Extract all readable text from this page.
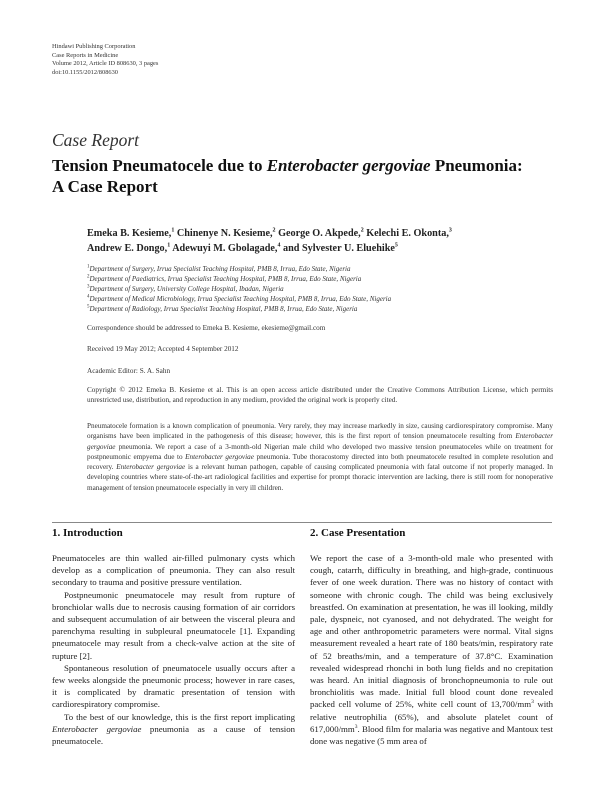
Hindawi Publishing Corporation
Case Reports in Medicine
Volume 2012, Article ID 808630, 3 pages
doi:10.1155/2012/808630
Case Report
Tension Pneumatocele due to Enterobacter gergoviae Pneumonia:
A Case Report
Emeka B. Kesieme,$^1$ Chinenye N. Kesieme,$^2$ George O. Akpede,$^2$ Kelechi E. Okonta,$^3$
Andrew E. Dongo,$^1$ Adewuyi M. Gbolagade,$^4$ and Sylvester U. Eluehike$^5$
$^1$Department of Surgery, Irrua Specialist Teaching Hospital, PMB 8, Irrua, Edo State, Nigeria
$^2$Department of Paediatrics, Irrua Specialist Teaching Hospital, PMB 8, Irrua, Edo State, Nigeria
$^3$Department of Surgery, University College Hospital, Ibadan, Nigeria
$^4$Department of Medical Microbiology, Irrua Specialist Teaching Hospital, PMB 8, Irrua, Edo State, Nigeria
$^5$Department of Radiology, Irrua Specialist Teaching Hospital, PMB 8, Irrua, Edo State, Nigeria
Correspondence should be addressed to Emeka B. Kesieme, ekesieme@gmail.com
Received 19 May 2012; Accepted 4 September 2012
Academic Editor: S. A. Sahn
Copyright © 2012 Emeka B. Kesieme et al. This is an open access article distributed under the Creative Commons Attribution License, which permits unrestricted use, distribution, and reproduction in any medium, provided the original work is properly cited.
Pneumatocele formation is a known complication of pneumonia. Very rarely, they may increase markedly in size, causing cardiorespiratory compromise. Many organisms have been implicated in the pathogenesis of this disease; however, this is the first report of tension pneumatocele resulting from Enterobacter gergoviae pneumonia. We report a case of a 3-month-old Nigerian male child who developed two massive tension pneumatoceles while on treatment for postpneumonic empyema due to Enterobacter gergoviae pneumonia. Tube thoracostomy directed into both pneumatocele resulted in complete resolution and recovery. Enterobacter gergoviae is a relevant human pathogen, capable of causing complicated pneumonia with fatal outcome if not properly managed. In developing countries where state-of-the-art radiological facilities and expertise for prompt thoracic intervention are lacking, there is still room for nonoperative management of tension pneumatocele especially in very ill children.
1. Introduction

Pneumatoceles are thin walled air-filled pulmonary cysts which develop as a complication of pneumonia. They can also result secondary to trauma and positive pressure ventilation.

Postpneumonic pneumatocele may result from rupture of bronchiolar walls due to necrosis causing formation of air corridors and subsequent accumulation of air between the visceral pleura and parenchyma resulting in subpleural pneumatocele [1]. Expanding pneumatocele may result from a check-valve action at the site of rupture [2].

Spontaneous resolution of pneumatocele usually occurs after a few weeks alongside the pneumonic process; however in rare cases, it is complicated by dramatic presentation of tension with cardiorespiratory compromise.

To the best of our knowledge, this is the first report implicating Enterobacter gergoviae pneumonia as a cause of tension pneumatocele.

2. Case Presentation

We report the case of a 3-month-old male who presented with cough, catarrh, difficulty in breathing, and high-grade, continuous fever of one week duration. There was no history of contact with someone with chronic cough. The child was being exclusively breastfed. On examination at presentation, he was ill looking, mildly pale, dyspneic, not cyanosed, and not dehydrated. The weight for age and other anthropometric parameters were normal. Vital signs measurement revealed a heart rate of 180 beats/min, respiratory rate of 52 breaths/min, and a temperature of 37.8°C. Examination revealed widespread rhonchi in both lung fields and no crepitation was heard. An initial diagnosis of bronchopneumonia to rule out bronchiolitis was made. Initial full blood count done revealed packed cell volume of 25%, white cell count of $13,700/mm^3$ with relative neutrophilia (65%), and absolute platelet count of $617,000/mm^3$. Blood film for malaria was negative and Mantoux test done was negative (5 mm area of
